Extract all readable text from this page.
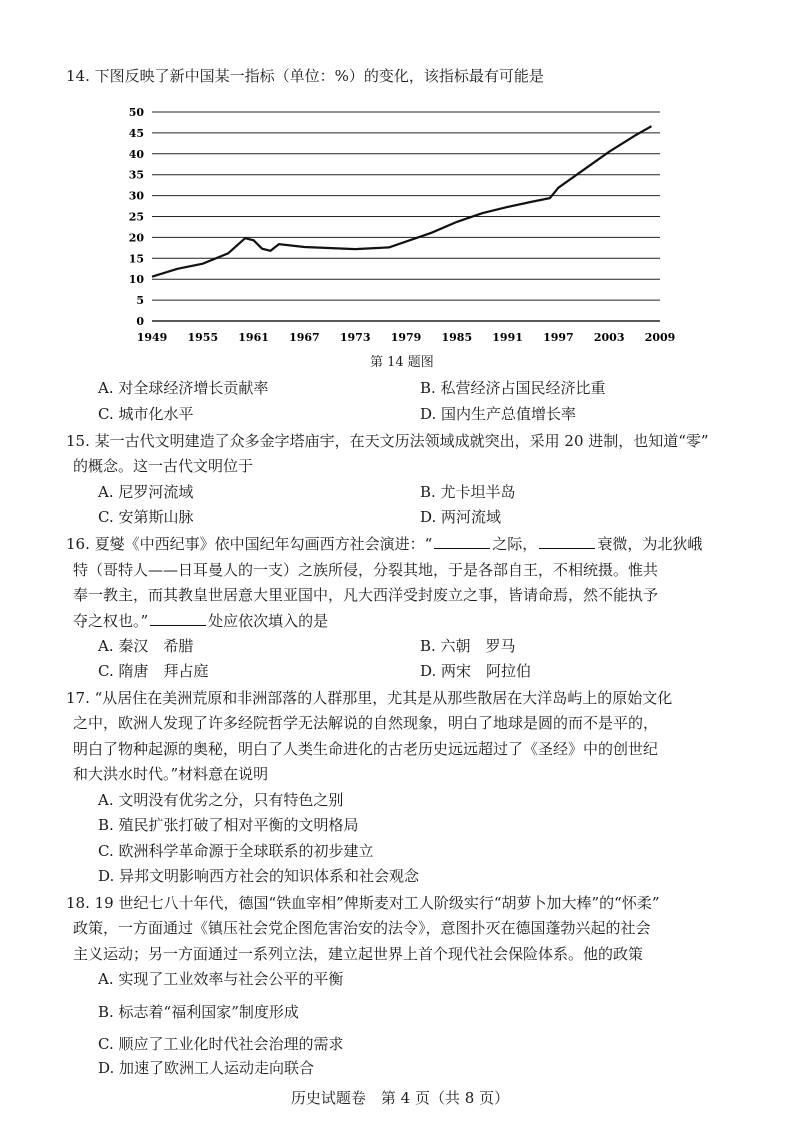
14. 下图反映了新中国某一指标（单位：%）的变化，该指标最有可能是
0
5
10
15
20
25
30
35
40
45
50
1949 1955 1961 1967 1973 1979 1985 1991 1997 2003 2009
第 14 题图
A. 对全球经济增长贡献率	B. 私营经济占国民经济比重
C. 城市化水平	D. 国内生产总值增长率
15. 某一古代文明建造了众多金字塔庙宇，在天文历法领域成就突出，采用 20 进制，也知道“零”
的概念。这一古代文明位于
A. 尼罗河流域	B. 尤卡坦半岛
C. 安第斯山脉	D. 两河流域
16. 夏燮《中西纪事》依中国纪年勾画西方社会演进：“	之际，	衰微，为北狄峨
特（哥特人——日耳曼人的一支）之族所侵，分裂其地，于是各部自王，不相统摄。惟共
奉一教主，而其教皇世居意大里亚国中，凡大西洋受封废立之事，皆请命焉，然不能执予
夺之权也。”	处应依次填入的是
A. 秦汉　希腊	B. 六朝　罗马
C. 隋唐　拜占庭	D. 两宋　阿拉伯
17. “从居住在美洲荒原和非洲部落的人群那里，尤其是从那些散居在大洋岛屿上的原始文化
之中，欧洲人发现了许多经院哲学无法解说的自然现象，明白了地球是圆的而不是平的，
明白了物种起源的奥秘，明白了人类生命进化的古老历史远远超过了《圣经》中的创世纪
和大洪水时代。”材料意在说明
A. 文明没有优劣之分，只有特色之别
B. 殖民扩张打破了相对平衡的文明格局
C. 欧洲科学革命源于全球联系的初步建立
D. 异邦文明影响西方社会的知识体系和社会观念
18. 19 世纪七八十年代，德国“铁血宰相”俾斯麦对工人阶级实行“胡萝卜加大棒”的“怀柔”
政策，一方面通过《镇压社会党企图危害治安的法令》，意图扑灭在德国蓬勃兴起的社会
主义运动；另一方面通过一系列立法，建立起世界上首个现代社会保险体系。他的政策
A. 实现了工业效率与社会公平的平衡
B. 标志着“福利国家”制度形成
C. 顺应了工业化时代社会治理的需求
D. 加速了欧洲工人运动走向联合
历史试题卷　第 4 页（共 8 页）
